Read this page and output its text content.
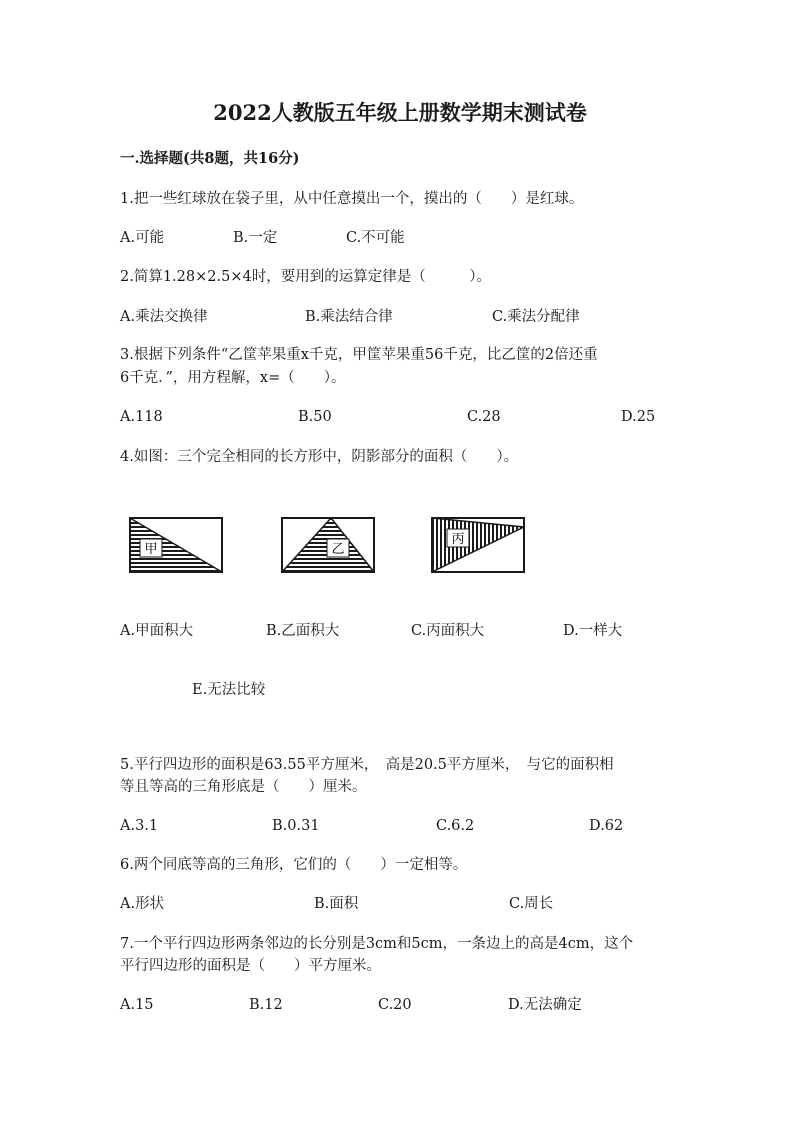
2022人教版五年级上册数学期末测试卷
一.选择题(共8题，共16分)
1.把一些红球放在袋子里，从中任意摸出一个，摸出的（　　）是红球。
A.可能	B.一定	C.不可能
2.简算1.28×2.5×4时，要用到的运算定律是（　　　）。
A.乘法交换律	B.乘法结合律	C.乘法分配律
3.根据下列条件“乙筐苹果重x千克，甲筐苹果重56千克，比乙筐的2倍还重
6千克．”，用方程解，x=（　　）。
A.118	B.50	C.28	D.25
4.如图：三个完全相同的长方形中，阴影部分的面积（　　）。
甲	乙
丙
A.甲面积大	B.乙面积大	C.丙面积大	D.一样大
E.无法比较
5.平行四边形的面积是63.55平方厘米，　高是20.5平方厘米，　与它的面积相
等且等高的三角形底是（　　）厘米。
A.3.1	B.0.31	C.6.2	D.62
6.两个同底等高的三角形，它们的（　　）一定相等。
A.形状	B.面积	C.周长
7.一个平行四边形两条邻边的长分别是3cm和5cm，一条边上的高是4cm，这个
平行四边形的面积是（　　）平方厘米。
A.15	B.12	C.20	D.无法确定
